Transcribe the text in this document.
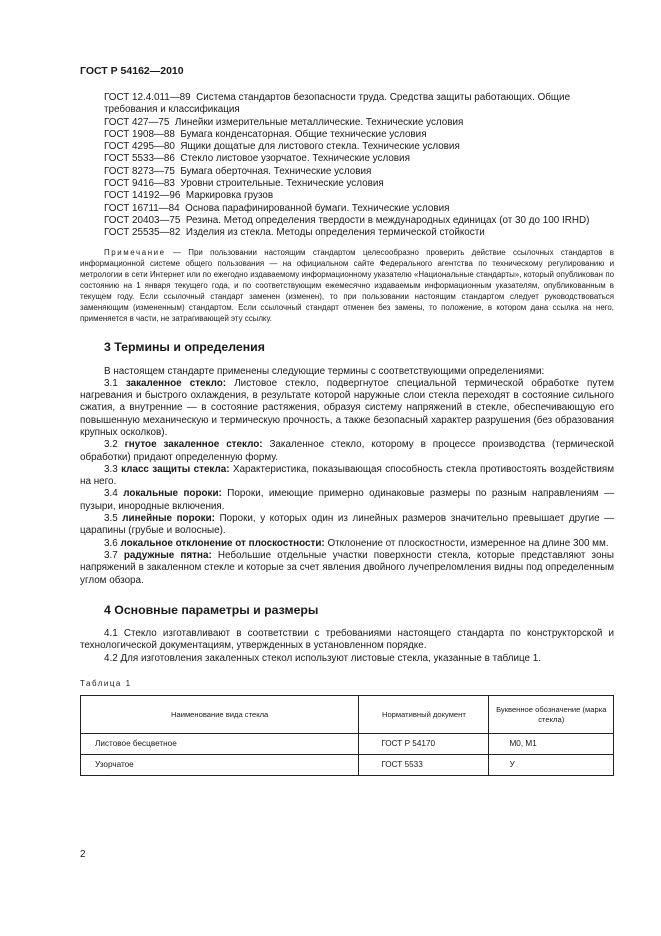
ГОСТ Р 54162—2010
ГОСТ 12.4.011—89 Система стандартов безопасности труда. Средства защиты работающих. Общие требования и классификация
ГОСТ 427—75
Линейки измерительные металлические. Технические условия
ГОСТ 1908—88
Бумага конденсаторная. Общие технические условия
ГОСТ 4295—80
Ящики дощатые для листового стекла. Технические условия
ГОСТ 5533—86
Стекло листовое узорчатое. Технические условия
ГОСТ 8273—75
Бумага оберточная. Технические условия
ГОСТ 9416—83
Уровни строительные. Технические условия
ГОСТ 14192—96
Маркировка грузов
ГОСТ 16711—84
Основа парафинированной бумаги. Технические условия
ГОСТ 20403—75 Резина. Метод определения твердости в международных единицах (от 30 до 100 IRHD)
ГОСТ 25535—82
Изделия из стекла. Методы определения термической стойкости
Примечание — При пользовании настоящим стандартом целесообразно проверить действие ссылочных стандартов в информационной системе общего пользования — на официальном сайте Федерального агентства по техническому регулированию и метрологии в сети Интернет или по ежегодно издаваемому информационному указателю «Национальные стандарты», который опубликован по состоянию на 1 января текущего года, и по соответствующим ежемесячно издаваемым информационным указателям, опубликованным в текущем году. Если ссылочный стандарт заменен (изменен), то при пользовании настоящим стандартом следует руководствоваться заменяющим (измененным) стандартом. Если ссылочный стандарт отменен без замены, то положение, в котором дана ссылка на него, применяется в части, не затрагивающей эту ссылку.
3 Термины и определения
В настоящем стандарте применены следующие термины с соответствующими определениями:
3.1 закаленное стекло: Листовое стекло, подвергнутое специальной термической обработке путем нагревания и быстрого охлаждения, в результате которой наружные слои стекла переходят в состояние сильного сжатия, а внутренние — в состояние растяжения, образуя систему напряжений в стекле, обеспечивающую его повышенную механическую и термическую прочность, а также безопасный характер разрушения (без образования крупных осколков).
3.2 гнутое закаленное стекло: Закаленное стекло, которому в процессе производства (термической обработки) придают определенную форму.
3.3 класс защиты стекла: Характеристика, показывающая способность стекла противостоять воздействиям на него.
3.4 локальные пороки: Пороки, имеющие примерно одинаковые размеры по разным направлениям — пузыри, инородные включения.
3.5 линейные пороки: Пороки, у которых один из линейных размеров значительно превышает другие — царапины (грубые и волосные).
3.6 локальное отклонение от плоскостности: Отклонение от плоскостности, измеренное на длине 300 мм.
3.7 радужные пятна: Небольшие отдельные участки поверхности стекла, которые представляют зоны напряжений в закаленном стекле и которые за счет явления двойного лучепреломления видны под определенным углом обзора.
4 Основные параметры и размеры
4.1 Стекло изготавливают в соответствии с требованиями настоящего стандарта по конструкторской и технологической документациям, утвержденных в установленном порядке.
4.2 Для изготовления закаленных стекол используют листовые стекла, указанные в таблице 1.
Таблица 1
Наименование вида стекла	Нормативный документ	Буквенное обозначение (марка стекла)
Листовое бесцветное	ГОСТ Р 54170	М0, М1
Узорчатое	ГОСТ 5533	У
2
